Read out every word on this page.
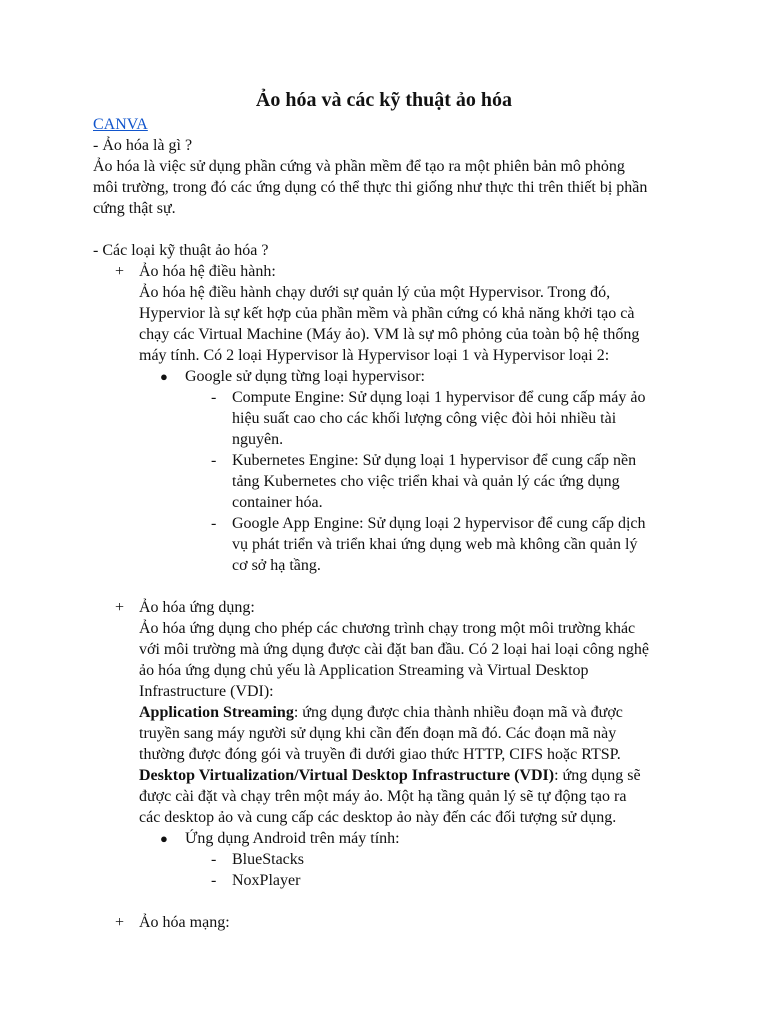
Ảo hóa và các kỹ thuật ảo hóa
CANVA
- Ảo hóa là gì ?
Ảo hóa là việc sử dụng phần cứng và phần mềm để tạo ra một phiên bản mô phỏng
môi trường, trong đó các ứng dụng có thể thực thi giống như thực thi trên thiết bị phần
cứng thật sự.
- Các loại kỹ thuật ảo hóa ?
+ Ảo hóa hệ điều hành:
Ảo hóa hệ điều hành chạy dưới sự quản lý của một Hypervisor. Trong đó,
Hypervior là sự kết hợp của phần mềm và phần cứng có khả năng khởi tạo cà
chạy các Virtual Machine (Máy ảo). VM là sự mô phỏng của toàn bộ hệ thống
máy tính. Có 2 loại Hypervisor là Hypervisor loại 1 và Hypervisor loại 2:
● Google sử dụng từng loại hypervisor:
- Compute Engine: Sử dụng loại 1 hypervisor để cung cấp máy ảo
hiệu suất cao cho các khối lượng công việc đòi hỏi nhiều tài
nguyên.
- Kubernetes Engine: Sử dụng loại 1 hypervisor để cung cấp nền
tảng Kubernetes cho việc triển khai và quản lý các ứng dụng
container hóa.
- Google App Engine: Sử dụng loại 2 hypervisor để cung cấp dịch
vụ phát triển và triển khai ứng dụng web mà không cần quản lý
cơ sở hạ tầng.
+ Ảo hóa ứng dụng:
Ảo hóa ứng dụng cho phép các chương trình chạy trong một môi trường khác
với môi trường mà ứng dụng được cài đặt ban đầu. Có 2 loại hai loại công nghệ
ảo hóa ứng dụng chủ yếu là Application Streaming và Virtual Desktop
Infrastructure (VDI):
Application Streaming: ứng dụng được chia thành nhiều đoạn mã và được
truyền sang máy người sử dụng khi cần đến đoạn mã đó. Các đoạn mã này
thường được đóng gói và truyền đi dưới giao thức HTTP, CIFS hoặc RTSP.
Desktop Virtualization/Virtual Desktop Infrastructure (VDI): ứng dụng sẽ
được cài đặt và chạy trên một máy ảo. Một hạ tầng quản lý sẽ tự động tạo ra
các desktop ảo và cung cấp các desktop ảo này đến các đối tượng sử dụng.
● Ứng dụng Android trên máy tính:
- BlueStacks
- NoxPlayer
+ Ảo hóa mạng:
